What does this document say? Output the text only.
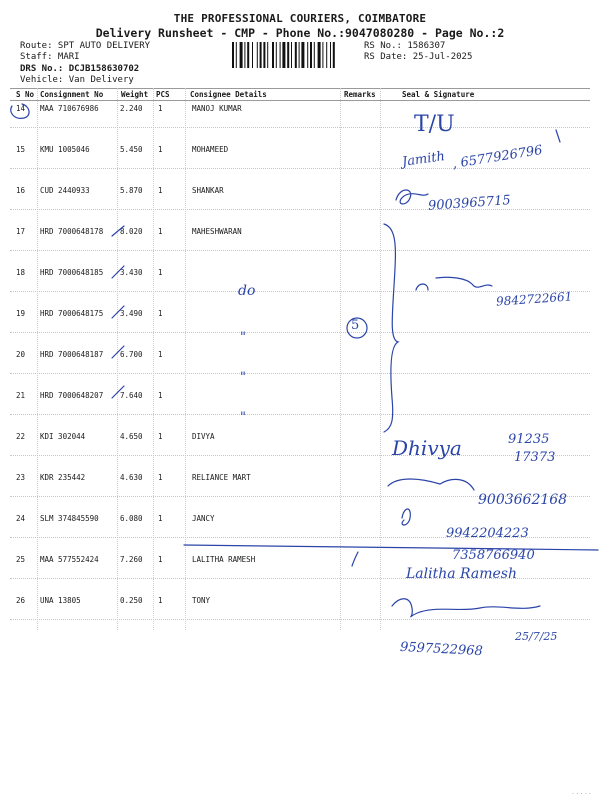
THE PROFESSIONAL COURIERS, COIMBATORE
Delivery Runsheet - CMP - Phone No.:9047080280 - Page No.:2
Route: SPT AUTO DELIVERY
Staff: MARI
DRS No.: DCJB158630702
Vehicle: Van Delivery
RS No.: 1586307
RS Date: 25-Jul-2025
S No Consignment No Weight PCS	Consignee Details	Remarks	Seal & Signature
14 MAA 710676986	2.240 1	MANOJ KUMAR
15 KMU 1005046	5.450 1	MOHAMEED
16 CUD 2440933	5.870 1	SHANKAR
17 HRD 7000648178 8.020 1	MAHESHWARAN
18 HRD 7000648185 3.430 1
19 HRD 7000648175 3.490 1
20 HRD 7000648187 6.700 1
21 HRD 7000648207 7.640 1
22 KDI 302044	4.650 1	DIVYA
23 KDR 235442	4.630 1	RELIANCE MART
24 SLM 374845590	6.080 1	JANCY
25 MAA 577552424	7.260 1	LALITHA RAMESH
26 UNA 13805	0.250 1	TONY
T/U
Jamith , 6577926796
9003965715
do
"
"
"
5
9842722661
Dhivya	91235
17373
9003662168
9942204223
7358766940
Lalitha Ramesh
25/7/25
9597522968
.....
